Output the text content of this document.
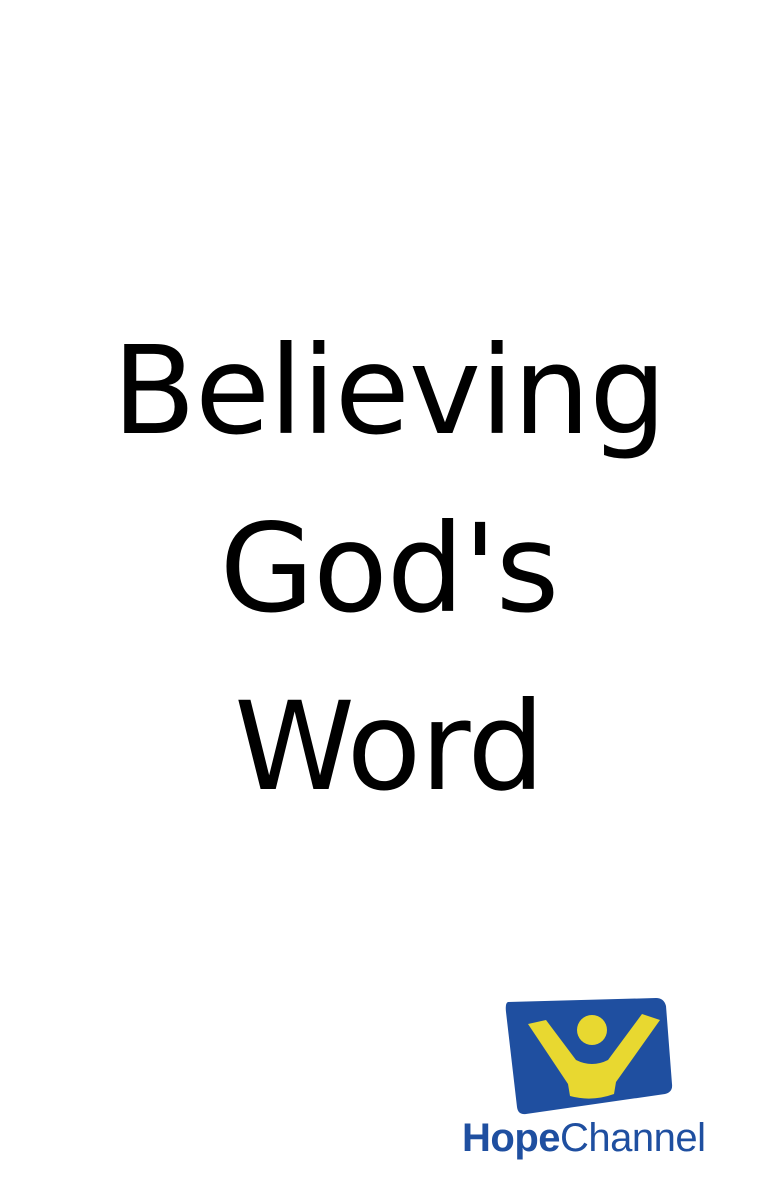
Believing
God's
Word
HopeChannel
